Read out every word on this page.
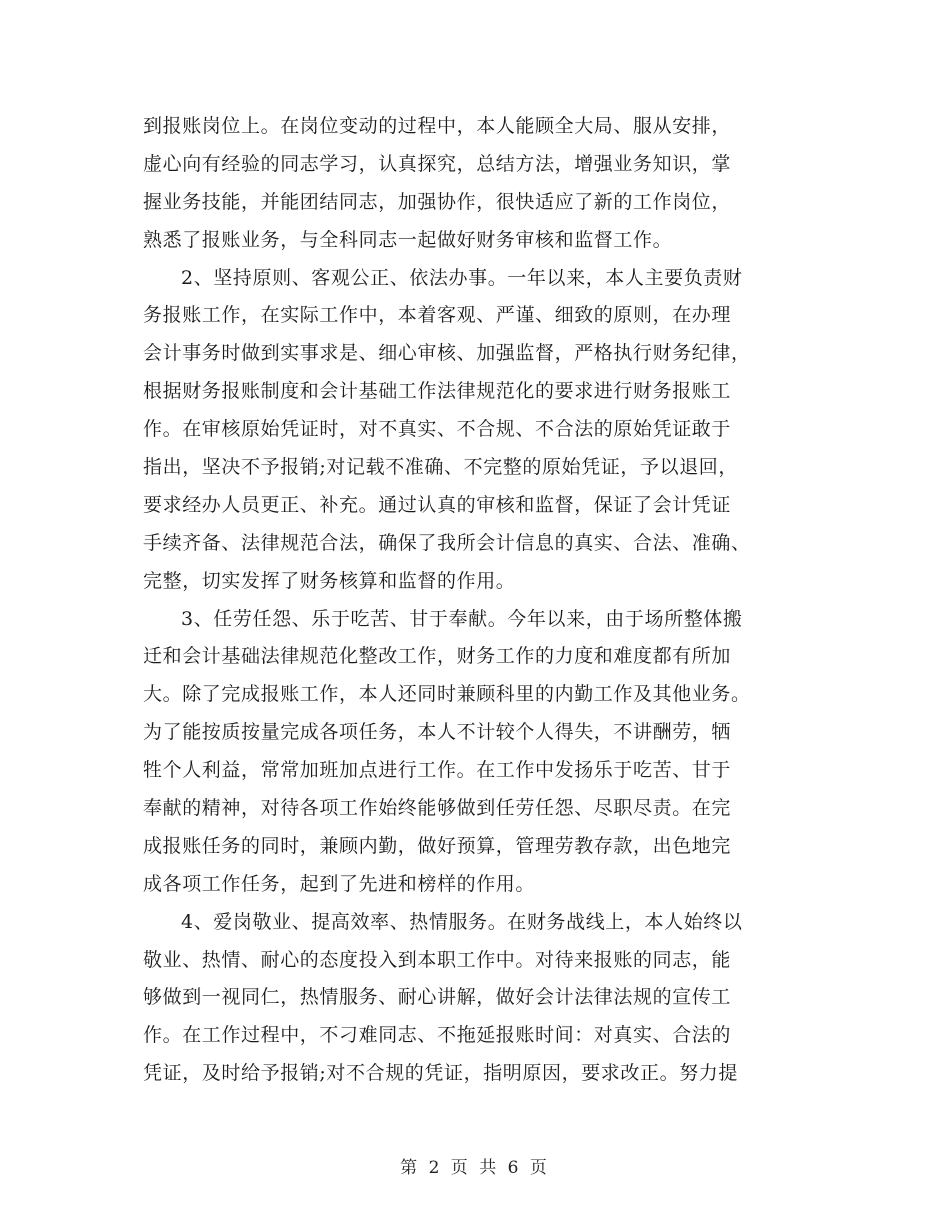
到报账岗位上。在岗位变动的过程中，本人能顾全大局、服从安排，
虚心向有经验的同志学习，认真探究，总结方法，增强业务知识，掌
握业务技能，并能团结同志，加强协作，很快适应了新的工作岗位，
熟悉了报账业务，与全科同志一起做好财务审核和监督工作。
2、坚持原则、客观公正、依法办事。一年以来，本人主要负责财
务报账工作，在实际工作中，本着客观、严谨、细致的原则，在办理
会计事务时做到实事求是、细心审核、加强监督，严格执行财务纪律，
根据财务报账制度和会计基础工作法律规范化的要求进行财务报账工
作。在审核原始凭证时，对不真实、不合规、不合法的原始凭证敢于
指出，坚决不予报销;对记载不准确、不完整的原始凭证，予以退回，
要求经办人员更正、补充。通过认真的审核和监督，保证了会计凭证
手续齐备、法律规范合法，确保了我所会计信息的真实、合法、准确、
完整，切实发挥了财务核算和监督的作用。
3、任劳任怨、乐于吃苦、甘于奉献。今年以来，由于场所整体搬
迁和会计基础法律规范化整改工作，财务工作的力度和难度都有所加
大。除了完成报账工作，本人还同时兼顾科里的内勤工作及其他业务。
为了能按质按量完成各项任务，本人不计较个人得失，不讲酬劳，牺
牲个人利益，常常加班加点进行工作。在工作中发扬乐于吃苦、甘于
奉献的精神，对待各项工作始终能够做到任劳任怨、尽职尽责。在完
成报账任务的同时，兼顾内勤，做好预算，管理劳教存款，出色地完
成各项工作任务，起到了先进和榜样的作用。
4、爱岗敬业、提高效率、热情服务。在财务战线上，本人始终以
敬业、热情、耐心的态度投入到本职工作中。对待来报账的同志，能
够做到一视同仁，热情服务、耐心讲解，做好会计法律法规的宣传工
作。在工作过程中，不刁难同志、不拖延报账时间：对真实、合法的
凭证，及时给予报销;对不合规的凭证，指明原因，要求改正。努力提
第 2 页 共 6 页
